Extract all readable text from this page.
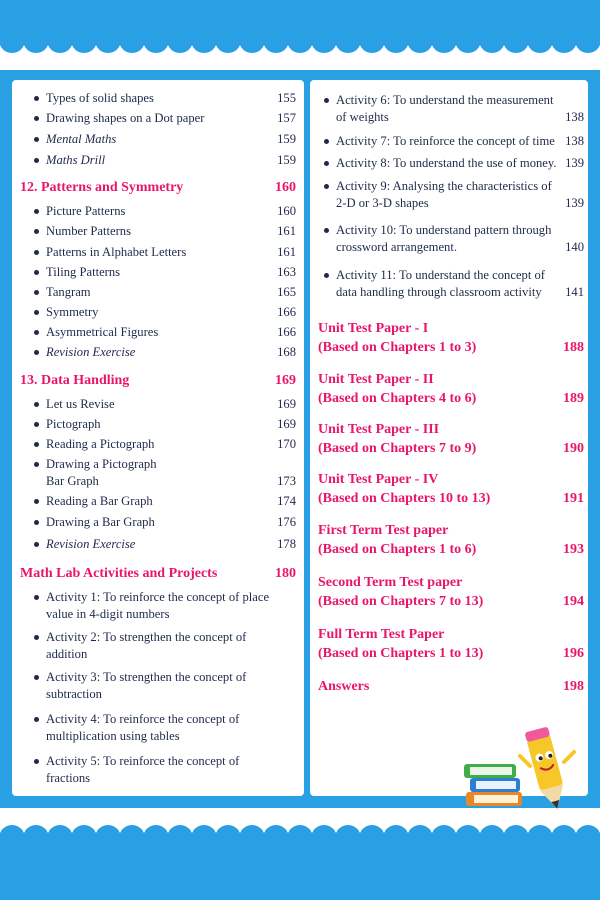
Types of solid shapes	155
Drawing shapes on a Dot paper	157
Mental Maths	159
Maths Drill	159
12. Patterns and Symmetry	160
Picture Patterns	160
Number Patterns	161
Patterns in Alphabet Letters	161
Tiling Patterns	163
Tangram	165
Symmetry	166
Asymmetrical Figures	166
Revision Exercise	168
13. Data Handling	169
Let us Revise	169
Pictograph	169
Reading a Pictograph	170
Drawing a Pictograph
Bar Graph	173
Reading a Bar Graph	174
Drawing a Bar Graph	176
Revision Exercise	178
Math Lab Activities and Projects	180
Activity 1: To reinforce the concept of place
value in 4-digit numbers
Activity 2: To strengthen the concept of
addition
Activity 3: To strengthen the concept of
subtraction
Activity 4: To reinforce the concept of
multiplication using tables
Activity 5: To reinforce the concept of
fractions
Activity 6: To understand the measurement
of weights	138
Activity 7: To reinforce the concept of time 138
Activity 8: To understand the use of money. 139
Activity 9: Analysing the characteristics of
2-D or 3-D shapes	139
Activity 10: To understand pattern through
crossword arrangement.	140
Activity 11: To understand the concept of
data handling through classroom activity 141
Unit Test Paper - I
(Based on Chapters 1 to 3)	188
Unit Test Paper - II
(Based on Chapters 4 to 6)	189
Unit Test Paper - III
(Based on Chapters 7 to 9)	190
Unit Test Paper - IV
(Based on Chapters 10 to 13)	191
First Term Test paper
(Based on Chapters 1 to 6)	193
Second Term Test paper
(Based on Chapters 7 to 13)	194
Full Term Test Paper
(Based on Chapters 1 to 13)	196
Answers	198
